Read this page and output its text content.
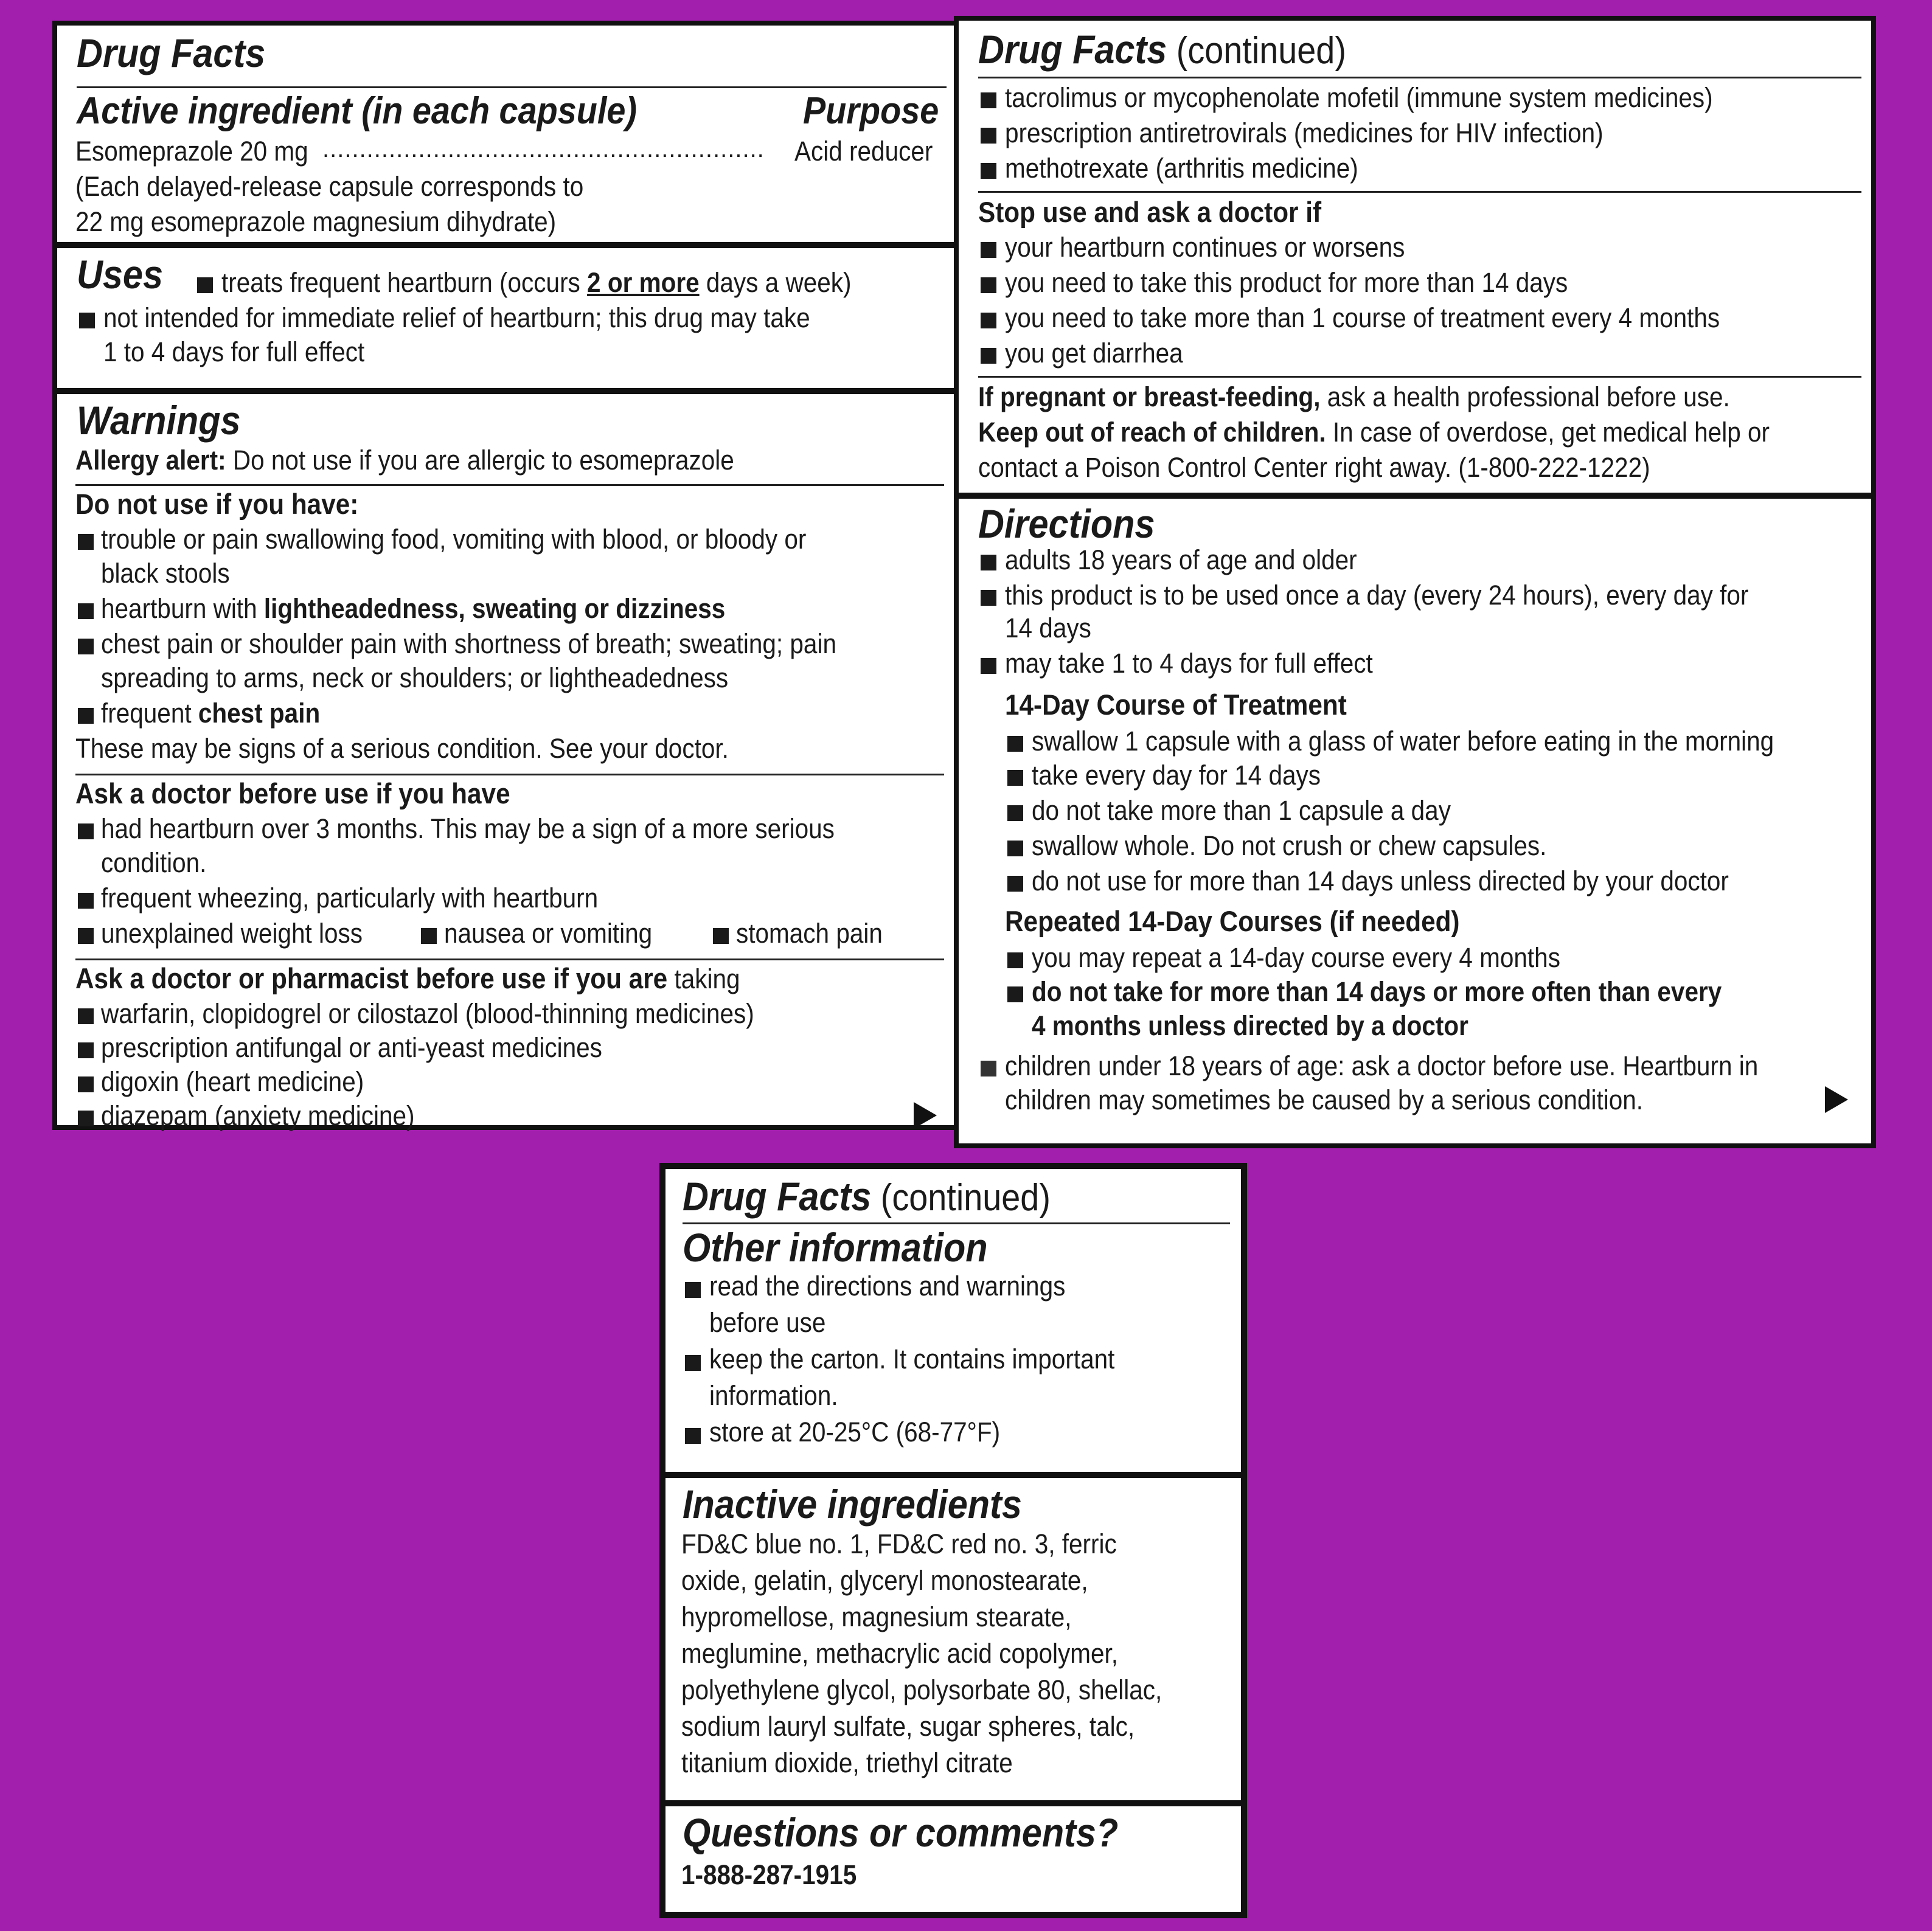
Drug Facts
Active ingredient (in each capsule)	Purpose
Esomeprazole 20 mg ............................................................ Acid reducer
(Each delayed-release capsule corresponds to
22 mg esomeprazole magnesium dihydrate)
Uses treats frequent heartburn (occurs 2 or more days a week)
not intended for immediate relief of heartburn; this drug may take
1 to 4 days for full effect
Warnings
Allergy alert: Do not use if you are allergic to esomeprazole
Do not use if you have:
trouble or pain swallowing food, vomiting with blood, or bloody or
black stools
heartburn with lightheadedness, sweating or dizziness
chest pain or shoulder pain with shortness of breath; sweating; pain
spreading to arms, neck or shoulders; or lightheadedness
frequent chest pain
These may be signs of a serious condition. See your doctor.
Ask a doctor before use if you have
had heartburn over 3 months. This may be a sign of a more serious
condition.
frequent wheezing, particularly with heartburn
unexplained weight loss	nausea or vomiting	stomach pain
Ask a doctor or pharmacist before use if you are taking
warfarin, clopidogrel or cilostazol (blood-thinning medicines)
prescription antifungal or anti-yeast medicines
digoxin (heart medicine)
diazepam (anxiety medicine)
Drug Facts (continued)
tacrolimus or mycophenolate mofetil (immune system medicines)
prescription antiretrovirals (medicines for HIV infection)
methotrexate (arthritis medicine)
Stop use and ask a doctor if
your heartburn continues or worsens
you need to take this product for more than 14 days
you need to take more than 1 course of treatment every 4 months
you get diarrhea
If pregnant or breast-feeding, ask a health professional before use.
Keep out of reach of children. In case of overdose, get medical help or
contact a Poison Control Center right away. (1-800-222-1222)
Directions
adults 18 years of age and older
this product is to be used once a day (every 24 hours), every day for
14 days
may take 1 to 4 days for full effect
14-Day Course of Treatment
swallow 1 capsule with a glass of water before eating in the morning
take every day for 14 days
do not take more than 1 capsule a day
swallow whole. Do not crush or chew capsules.
do not use for more than 14 days unless directed by your doctor
Repeated 14-Day Courses (if needed)
you may repeat a 14-day course every 4 months
do not take for more than 14 days or more often than every
4 months unless directed by a doctor
children under 18 years of age: ask a doctor before use. Heartburn in
children may sometimes be caused by a serious condition.
Drug Facts (continued)
Other information
read the directions and warnings
before use
keep the carton. It contains important
information.
store at 20-25°C (68-77°F)
Inactive ingredients
FD&C blue no. 1, FD&C red no. 3, ferric
oxide, gelatin, glyceryl monostearate,
hypromellose, magnesium stearate,
meglumine, methacrylic acid copolymer,
polyethylene glycol, polysorbate 80, shellac,
sodium lauryl sulfate, sugar spheres, talc,
titanium dioxide, triethyl citrate
Questions or comments?
1-888-287-1915
